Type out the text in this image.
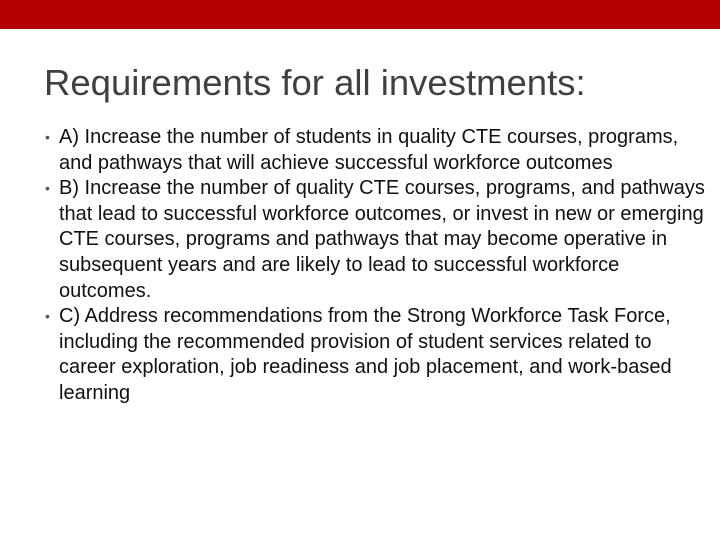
Requirements for all investments:
• A) Increase the number of students in quality CTE courses, programs, and pathways that will achieve successful workforce outcomes
• B) Increase the number of quality CTE courses, programs, and pathways that lead to successful workforce outcomes, or invest in new or emerging CTE courses, programs and pathways that may become operative in subsequent years and are likely to lead to successful workforce outcomes.
• C) Address recommendations from the Strong Workforce Task Force, including the recommended provision of student services related to career exploration, job readiness and job placement, and work-based learning
